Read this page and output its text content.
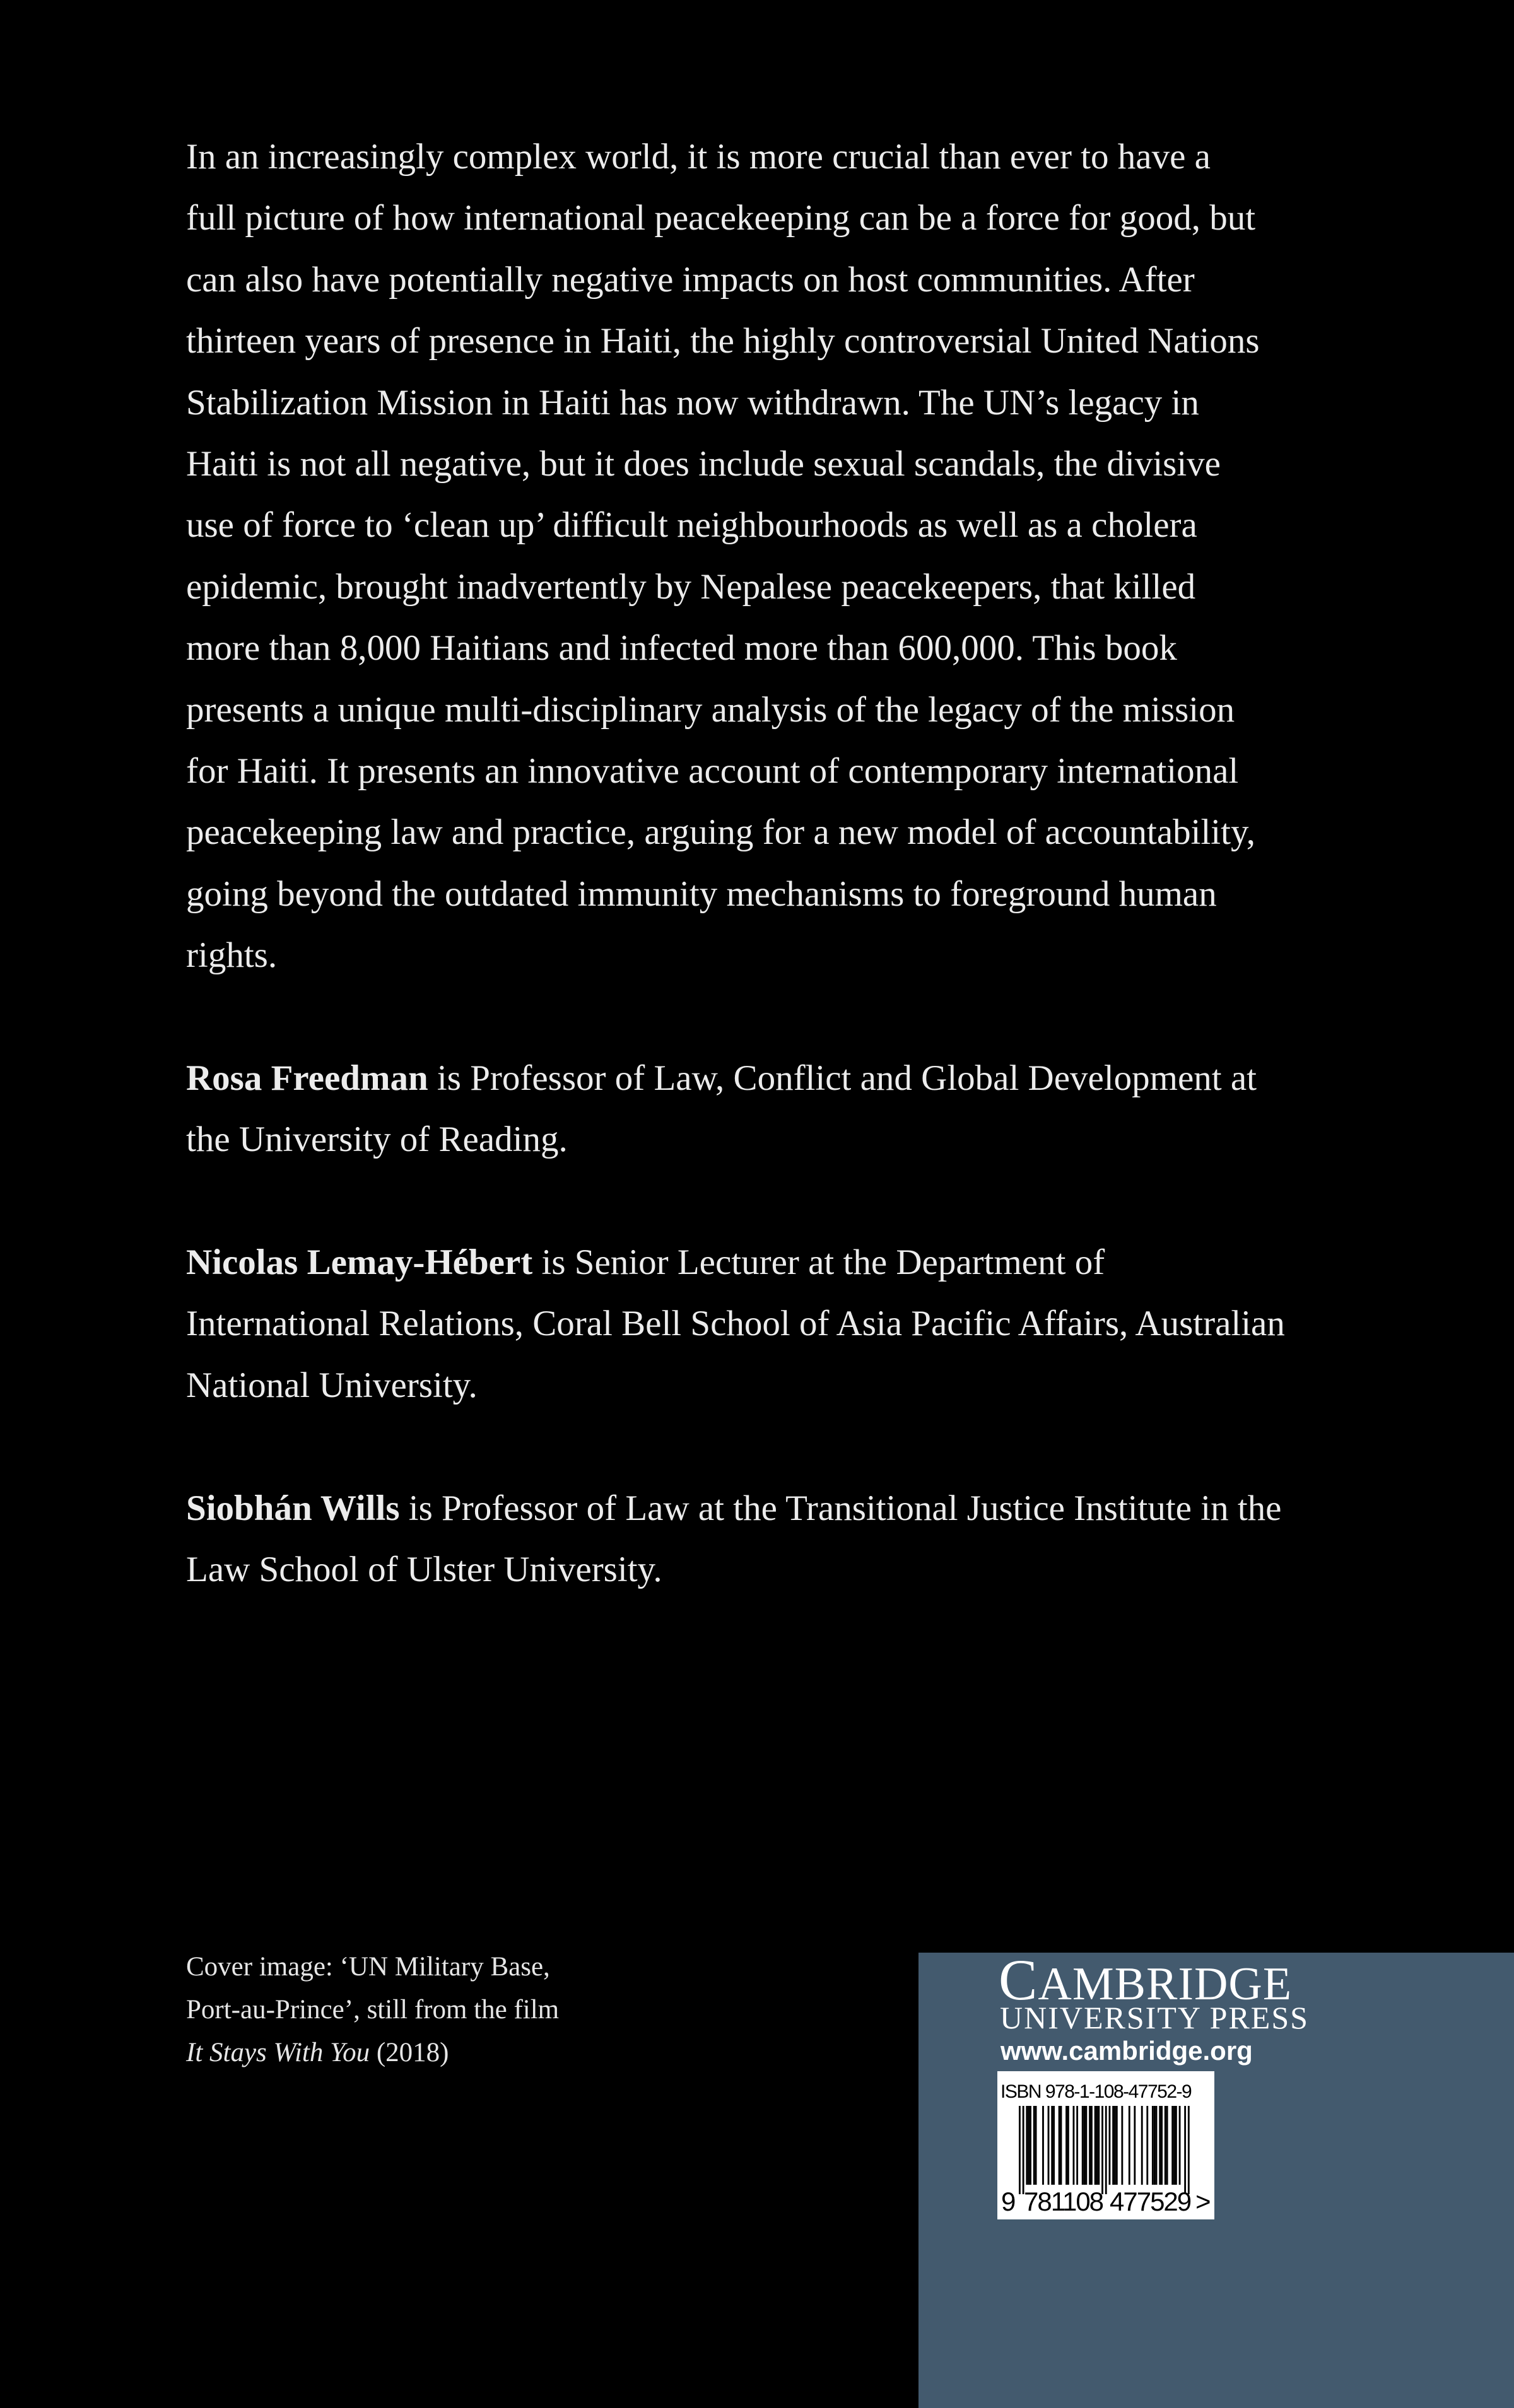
In an increasingly complex world, it is more crucial than ever to have a
full picture of how international peacekeeping can be a force for good, but
can also have potentially negative impacts on host communities. After
thirteen years of presence in Haiti, the highly controversial United Nations
Stabilization Mission in Haiti has now withdrawn. The UN’s legacy in
Haiti is not all negative, but it does include sexual scandals, the divisive
use of force to ‘clean up’ difficult neighbourhoods as well as a cholera
epidemic, brought inadvertently by Nepalese peacekeepers, that killed
more than 8,000 Haitians and infected more than 600,000. This book
presents a unique multi-disciplinary analysis of the legacy of the mission
for Haiti. It presents an innovative account of contemporary international
peacekeeping law and practice, arguing for a new model of accountability,
going beyond the outdated immunity mechanisms to foreground human
rights.
Rosa Freedman is Professor of Law, Conflict and Global Development at
the University of Reading.
Nicolas Lemay-Hébert is Senior Lecturer at the Department of
International Relations, Coral Bell School of Asia Pacific Affairs, Australian
National University.
Siobhán Wills is Professor of Law at the Transitional Justice Institute in the
Law School of Ulster University.
Cover image: ‘UN Military Base,
Port-au-Prince’, still from the film
It Stays With You (2018)
CAMBRIDGE
UNIVERSITY PRESS
www.cambridge.org
ISBN 978-1-108-47752-9
9 781108 477529 >
